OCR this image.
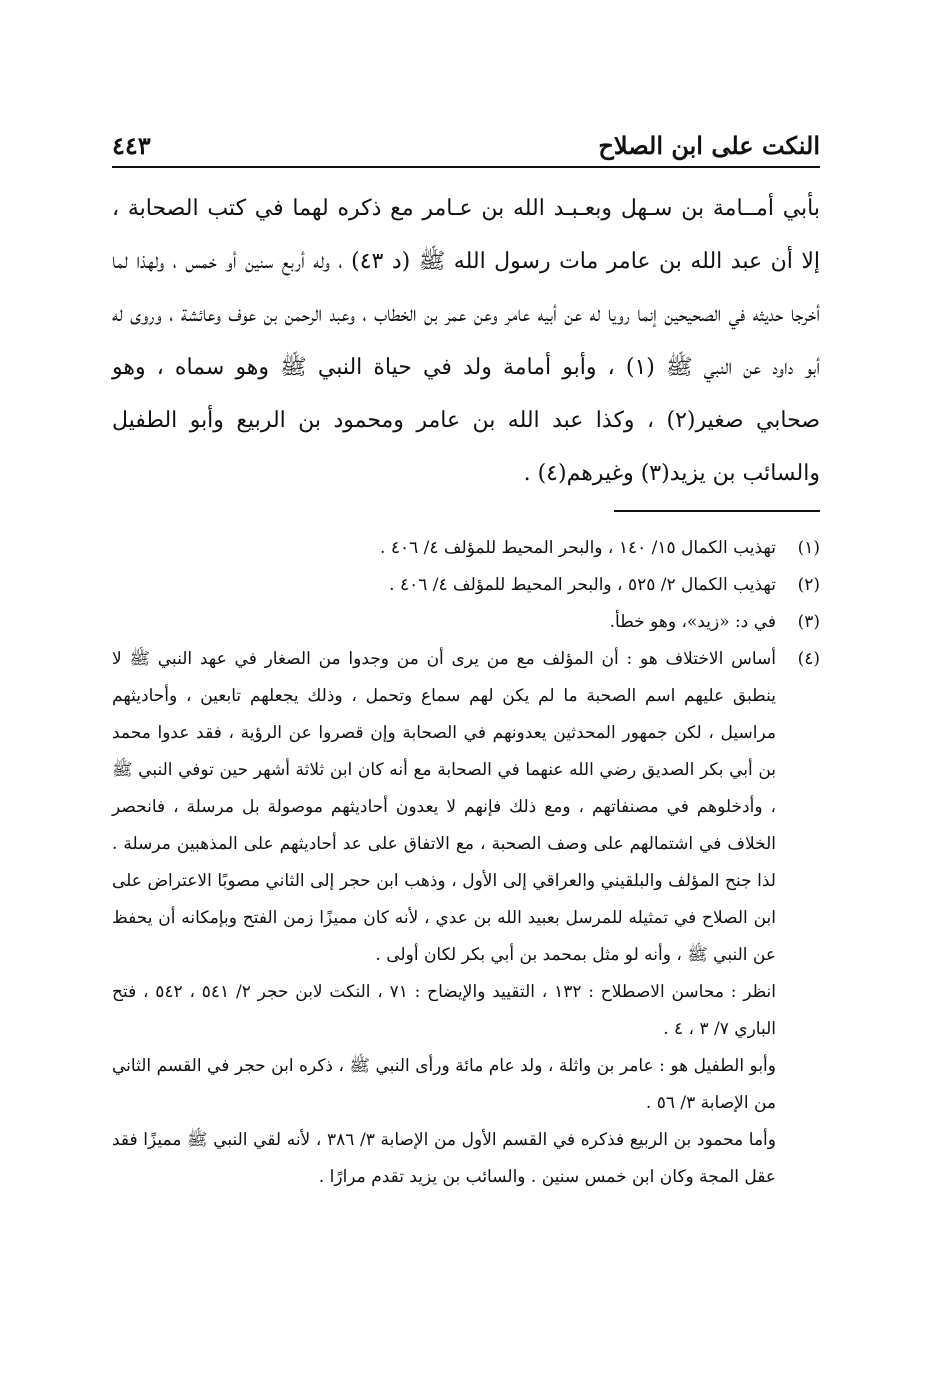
النكت على ابن الصلاح
٤٤٣

بأبي أمــامة بن سـهل وبعـبـد الله بن عـامر مع ذكره لهما في كتب الصحابة ، إلا أن عبد الله بن عامر مات رسول الله ﷺ (د ٤٣) ، وله أربع سنين أو خمس ، ولهذا لما أخرجا حديثه في الصحيحين إنما رويا له عن أبيه عامر وعن عمر بن الخطاب ، وعبد الرحمن بن عوف وعائشة ، وروى له أبو داود عن النبي ﷺ (١) ، وأبو أمامة ولد في حياة النبي ﷺ وهو سماه ، وهو صحابي صغير(٢) ، وكذا عبد الله بن عامر ومحمود بن الربيع وأبو الطفيل والسائب بن يزيد(٣) وغيرهم(٤) .

(١)
تهذيب الكمال ١٥/ ١٤٠ ، والبحر المحيط للمؤلف ٤/ ٤٠٦ .
(٢)
تهذيب الكمال ٢/ ٥٢٥ ، والبحر المحيط للمؤلف ٤/ ٤٠٦ .
(٣)
في د: «زيد»، وهو خطأ.
(٤)
أساس الاختلاف هو : أن المؤلف مع من يرى أن من وجدوا من الصغار في عهد النبي ﷺ لا ينطبق عليهم اسم الصحبة ما لم يكن لهم سماع وتحمل ، وذلك يجعلهم تابعين ، وأحاديثهم مراسيل ، لكن جمهور المحدثين يعدونهم في الصحابة وإن قصروا عن الرؤية ، فقد عدوا محمد بن أبي بكر الصديق رضي الله عنهما في الصحابة مع أنه كان ابن ثلاثة أشهر حين توفي النبي ﷺ ، وأدخلوهم في مصنفاتهم ، ومع ذلك فإنهم لا يعدون أحاديثهم موصولة بل مرسلة ، فانحصر الخلاف في اشتمالهم على وصف الصحبة ، مع الاتفاق على عد أحاديثهم على المذهبين مرسلة . لذا جنح المؤلف والبلقيني والعراقي إلى الأول ، وذهب ابن حجر إلى الثاني مصوبًا الاعتراض على ابن الصلاح في تمثيله للمرسل بعبيد الله بن عدي ، لأنه كان مميزًا زمن الفتح وبإمكانه أن يحفظ عن النبي ﷺ ، وأنه لو مثل بمحمد بن أبي بكر لكان أولى .
انظر : محاسن الاصطلاح : ١٣٢ ، التقييد والإيضاح : ٧١ ، النكت لابن حجر ٢/ ٥٤١ ، ٥٤٢ ، فتح الباري ٧/ ٣ ، ٤ .
وأبو الطفيل هو : عامر بن واثلة ، ولد عام مائة ورأى النبي ﷺ ، ذكره ابن حجر في القسم الثاني من الإصابة ٣/ ٥٦ .
وأما محمود بن الربيع فذكره في القسم الأول من الإصابة ٣/ ٣٨٦ ، لأنه لقي النبي ﷺ مميزًا فقد عقل المجة وكان ابن خمس سنين . والسائب بن يزيد تقدم مرارًا .
